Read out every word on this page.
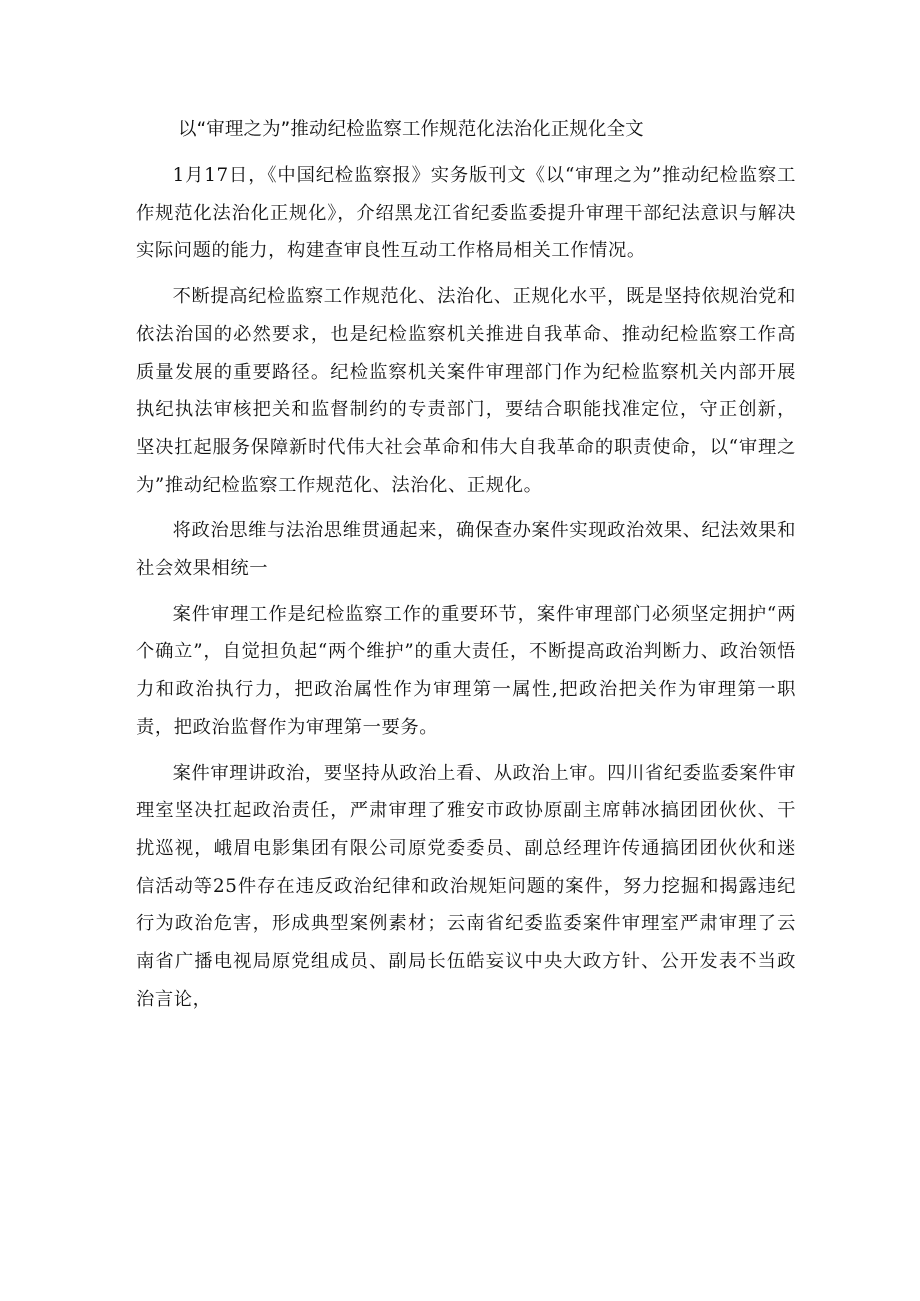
以“审理之为”推动纪检监察工作规范化法治化正规化全文

1月17日，《中国纪检监察报》实务版刊文《以“审理之为”推动纪检监察工作规范化法治化正规化》，介绍黑龙江省纪委监委提升审理干部纪法意识与解决实际问题的能力，构建查审良性互动工作格局相关工作情况。

不断提高纪检监察工作规范化、法治化、正规化水平，既是坚持依规治党和依法治国的必然要求，也是纪检监察机关推进自我革命、推动纪检监察工作高质量发展的重要路径。纪检监察机关案件审理部门作为纪检监察机关内部开展执纪执法审核把关和监督制约的专责部门，要结合职能找准定位，守正创新，坚决扛起服务保障新时代伟大社会革命和伟大自我革命的职责使命，以“审理之为”推动纪检监察工作规范化、法治化、正规化。

将政治思维与法治思维贯通起来，确保查办案件实现政治效果、纪法效果和社会效果相统一

案件审理工作是纪检监察工作的重要环节，案件审理部门必须坚定拥护“两个确立”，自觉担负起“两个维护”的重大责任，不断提高政治判断力、政治领悟力和政治执行力，把政治属性作为审理第一属性,把政治把关作为审理第一职责，把政治监督作为审理第一要务。

案件审理讲政治，要坚持从政治上看、从政治上审。四川省纪委监委案件审理室坚决扛起政治责任，严肃审理了雅安市政协原副主席韩冰搞团团伙伙、干扰巡视，峨眉电影集团有限公司原党委委员、副总经理许传通搞团团伙伙和迷信活动等25件存在违反政治纪律和政治规矩问题的案件，努力挖掘和揭露违纪行为政治危害，形成典型案例素材；云南省纪委监委案件审理室严肃审理了云南省广播电视局原党组成员、副局长伍皓妄议中央大政方针、公开发表不当政治言论，
